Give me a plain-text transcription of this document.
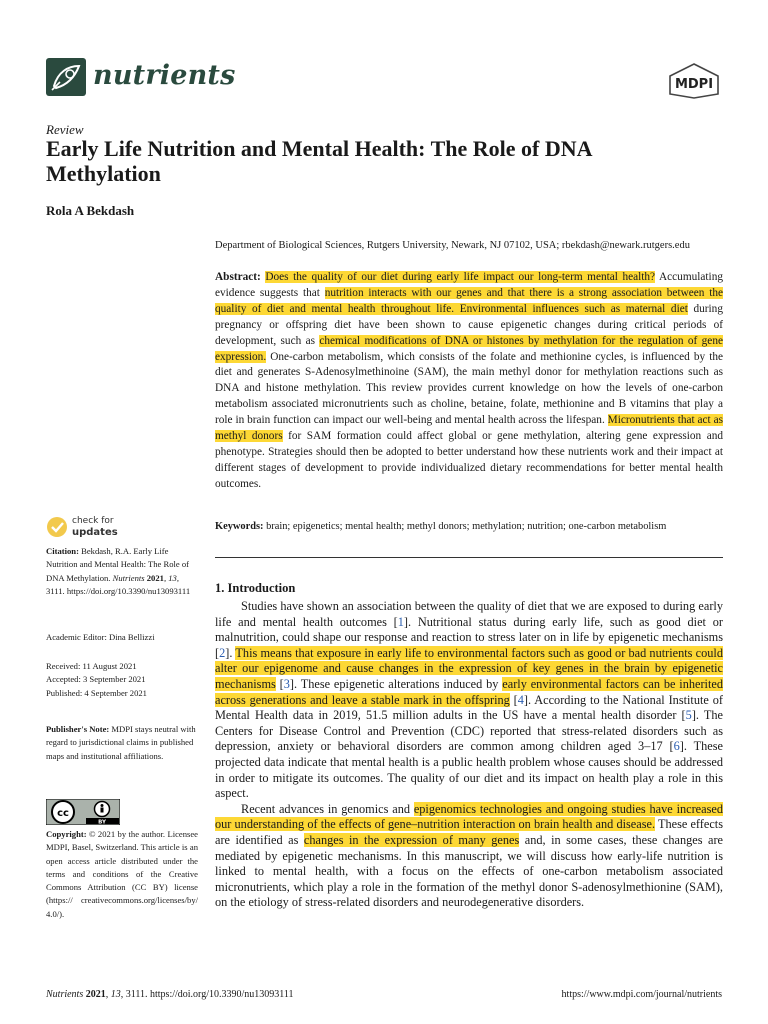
nutrients	MDPI
Review
Early Life Nutrition and Mental Health: The Role of DNA Methylation
Rola A Bekdash
Department of Biological Sciences, Rutgers University, Newark, NJ 07102, USA; rbekdash@newark.rutgers.edu
Abstract: Does the quality of our diet during early life impact our long-term mental health? Accumulating evidence suggests that nutrition interacts with our genes and that there is a strong association between the quality of diet and mental health throughout life. Environmental influences such as maternal diet during pregnancy or offspring diet have been shown to cause epigenetic changes during critical periods of development, such as chemical modifications of DNA or histones by methylation for the regulation of gene expression. One-carbon metabolism, which consists of the folate and methionine cycles, is influenced by the diet and generates S-Adenosylmethinoine (SAM), the main methyl donor for methylation reactions such as DNA and histone methylation. This review provides current knowledge on how the levels of one-carbon metabolism associated micronutrients such as choline, betaine, folate, methionine and B vitamins that play a role in brain function can impact our well-being and mental health across the lifespan. Micronutrients that act as methyl donors for SAM formation could affect global or gene methylation, altering gene expression and phenotype. Strategies should then be adopted to better understand how these nutrients work and their impact at different stages of development to provide individualized dietary recommendations for better mental health outcomes.
Keywords: brain; epigenetics; mental health; methyl donors; methylation; nutrition; one-carbon metabolism
1. Introduction

Studies have shown an association between the quality of diet that we are exposed to during early life and mental health outcomes [1]. Nutritional status during early life, such as good diet or malnutrition, could shape our response and reaction to stress later on in life by epigenetic mechanisms [2]. This means that exposure in early life to environmental factors such as good or bad nutrients could alter our epigenome and cause changes in the expression of key genes in the brain by epigenetic mechanisms [3]. These epigenetic alterations induced by early environmental factors can be inherited across generations and leave a stable mark in the offspring [4]. According to the National Institute of Mental Health data in 2019, 51.5 million adults in the US have a mental health disorder [5]. The Centers for Disease Control and Prevention (CDC) reported that stress-related disorders such as depression, anxiety or behavioral disorders are common among children aged 3–17 [6]. These projected data indicate that mental health is a public health problem whose causes should be addressed in order to mitigate its outcomes. The quality of our diet and its impact on health play a role in this aspect.

Recent advances in genomics and epigenomics technologies and ongoing studies have increased our understanding of the effects of gene–nutrition interaction on brain health and disease. These effects are identified as changes in the expression of many genes and, in some cases, these changes are mediated by epigenetic mechanisms. In this manuscript, we will discuss how early-life nutrition is linked to mental health, with a focus on the effects of one-carbon metabolism associated micronutrients, which play a role in the formation of the methyl donor S-adenosylmethionine (SAM), on the etiology of stress-related disorders and neurodegenerative disorders.

check for
updates
Citation: Bekdash, R.A. Early Life Nutrition and Mental Health: The Role of DNA Methylation. Nutrients 2021, 13, 3111. https://doi.org/10.3390/nu13093111
Academic Editor: Dina Bellizzi
Received: 11 August 2021
Accepted: 3 September 2021
Published: 4 September 2021
Publisher's Note: MDPI stays neutral with regard to jurisdictional claims in published maps and institutional affiliations.
cc
BY
Copyright: © 2021 by the author. Licensee MDPI, Basel, Switzerland. This article is an open access article distributed under the terms and conditions of the Creative Commons Attribution (CC BY) license (https:// creativecommons.org/licenses/by/ 4.0/).
Nutrients 2021, 13, 3111. https://doi.org/10.3390/nu13093111	https://www.mdpi.com/journal/nutrients
